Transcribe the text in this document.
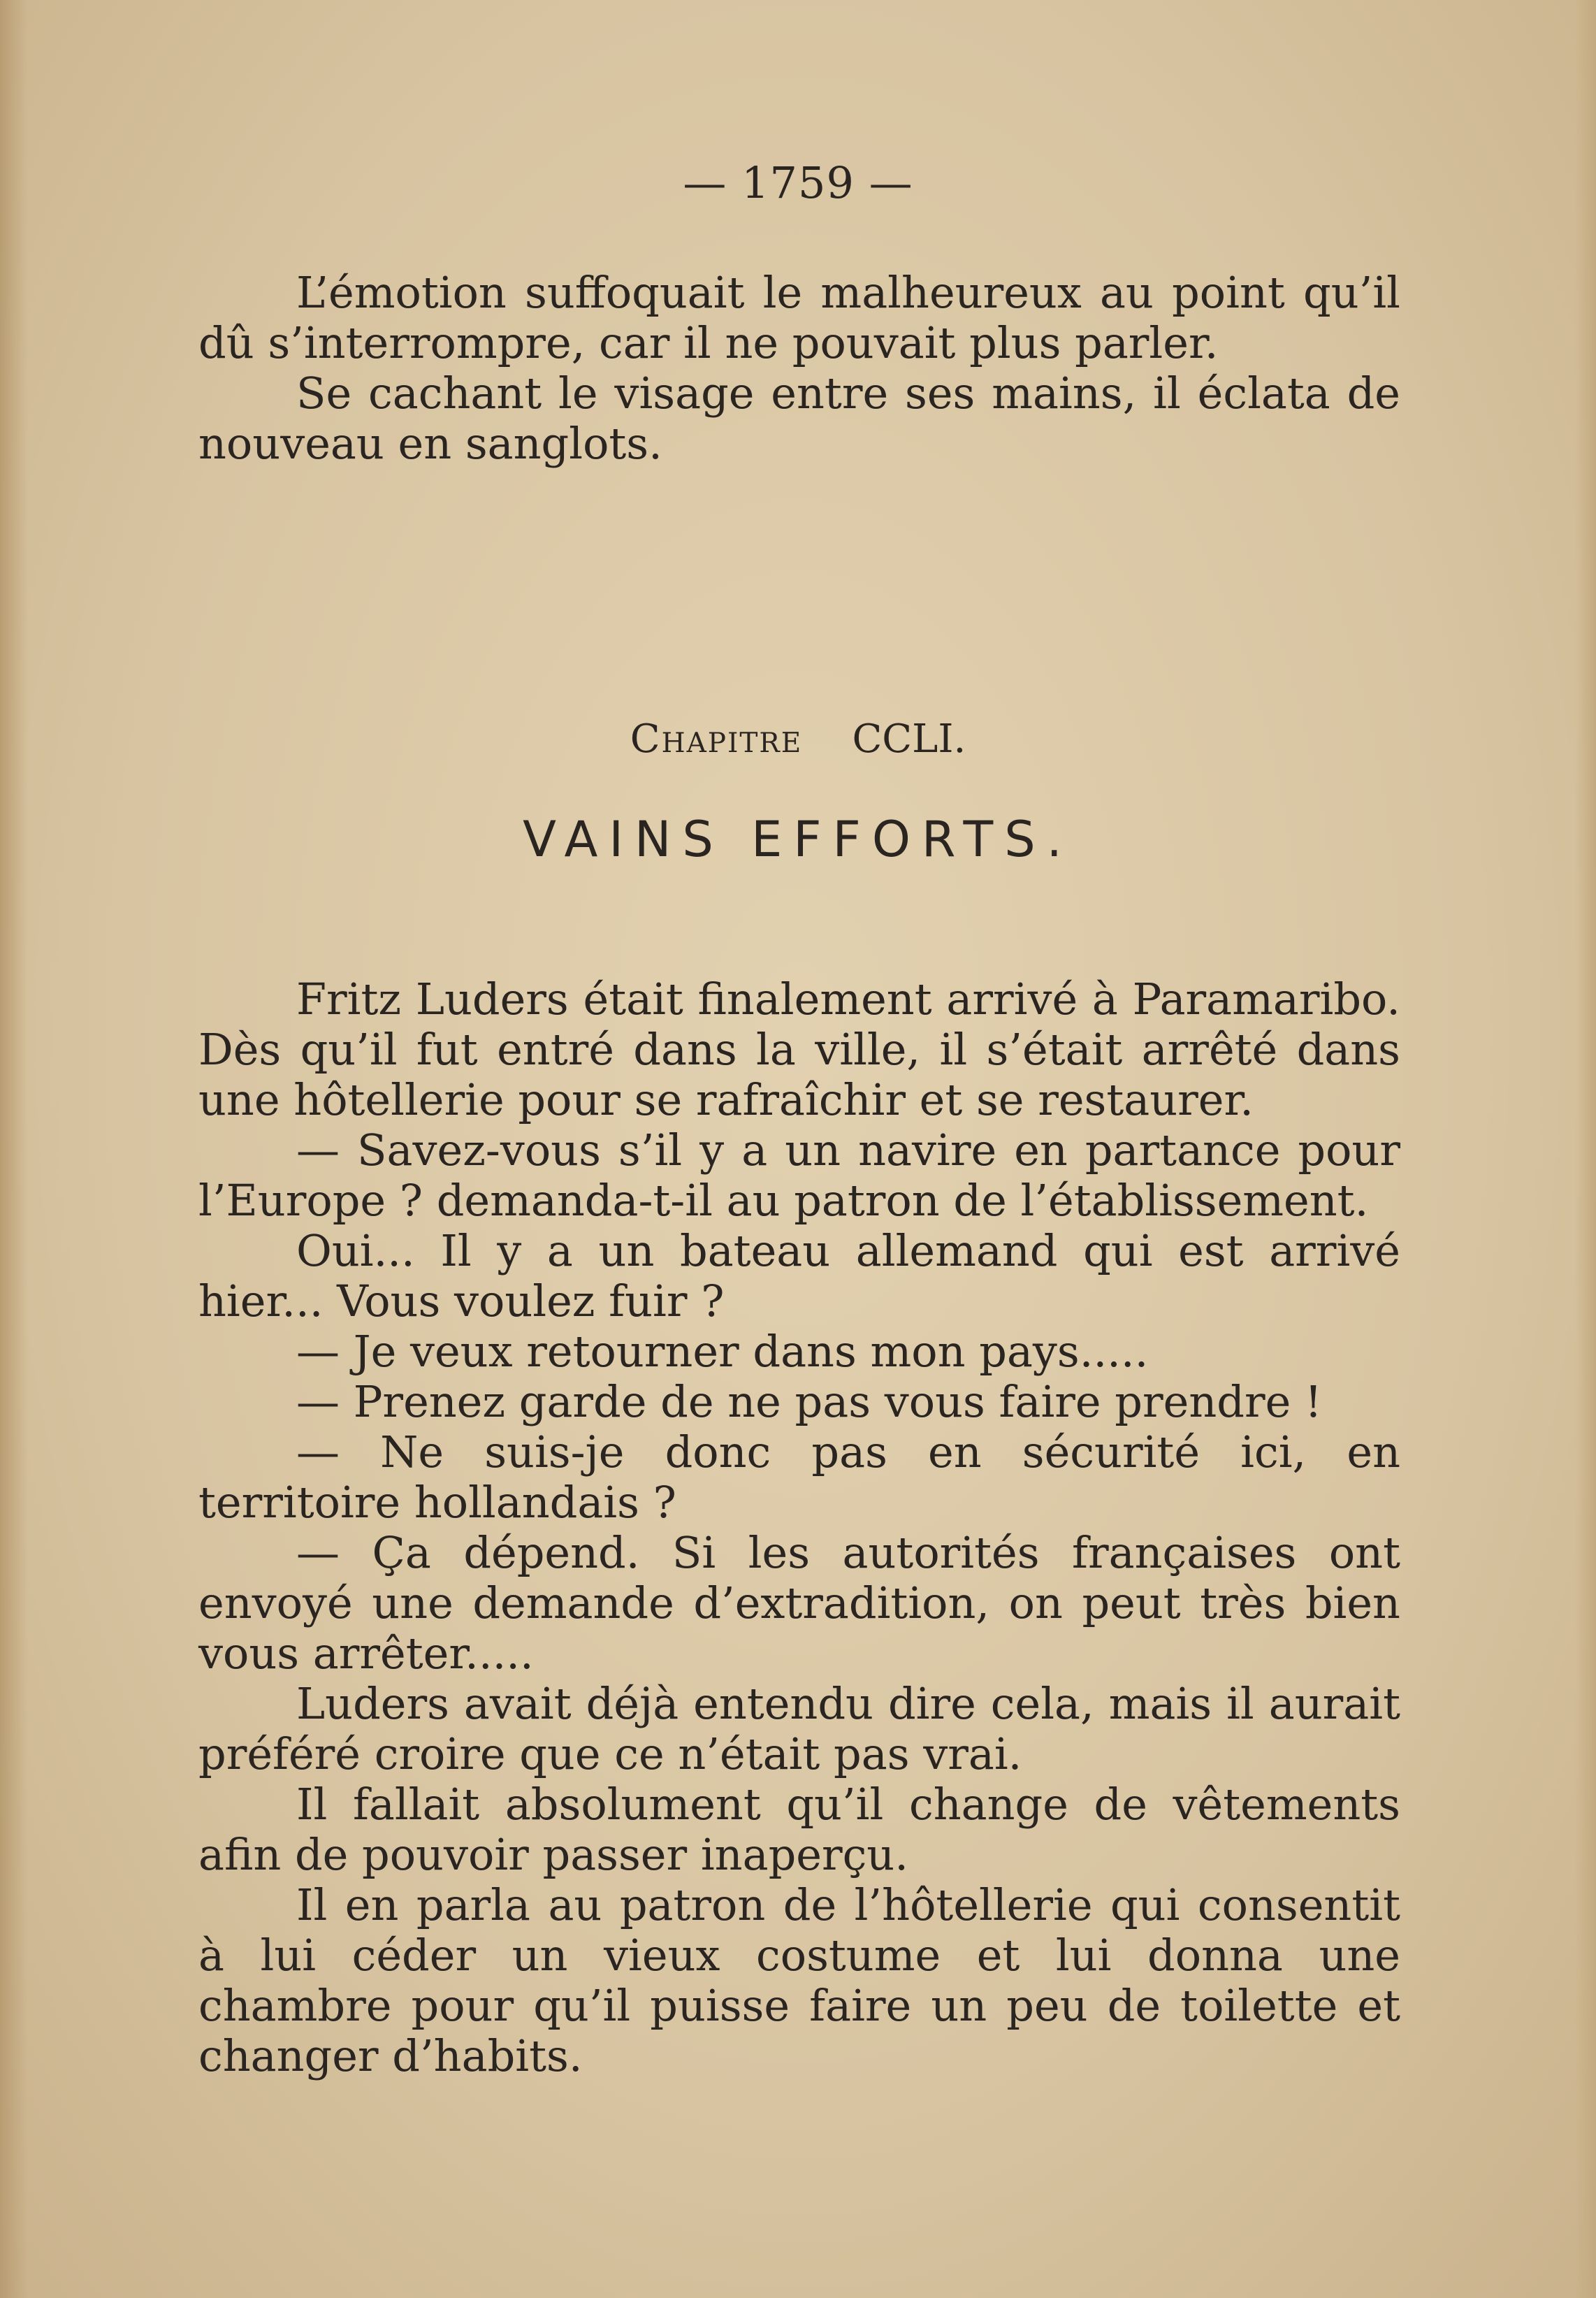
— 1759 —

L’émotion suffoquait le malheureux au point qu’il dû s’interrompre, car il ne pouvait plus parler.

Se cachant le visage entre ses mains, il éclata de nouveau en sanglots.

Chapitre CCLI.
VAINS EFFORTS.

Fritz Luders était finalement arrivé à Paramaribo. Dès qu’il fut entré dans la ville, il s’était arrêté dans une hôtellerie pour se rafraîchir et se restaurer.

— Savez-vous s’il y a un navire en partance pour l’Europe ? demanda-t-il au patron de l’établissement.

Oui... Il y a un bateau allemand qui est arrivé hier... Vous voulez fuir ?

— Je veux retourner dans mon pays.....

— Prenez garde de ne pas vous faire prendre !

— Ne suis-je donc pas en sécurité ici, en territoire hollandais ?

— Ça dépend. Si les autorités françaises ont envoyé une demande d’extradition, on peut très bien vous arrêter.....

Luders avait déjà entendu dire cela, mais il aurait préféré croire que ce n’était pas vrai.

Il fallait absolument qu’il change de vêtements afin de pouvoir passer inaperçu.

Il en parla au patron de l’hôtellerie qui consentit à lui céder un vieux costume et lui donna une chambre pour qu’il puisse faire un peu de toilette et changer d’habits.
